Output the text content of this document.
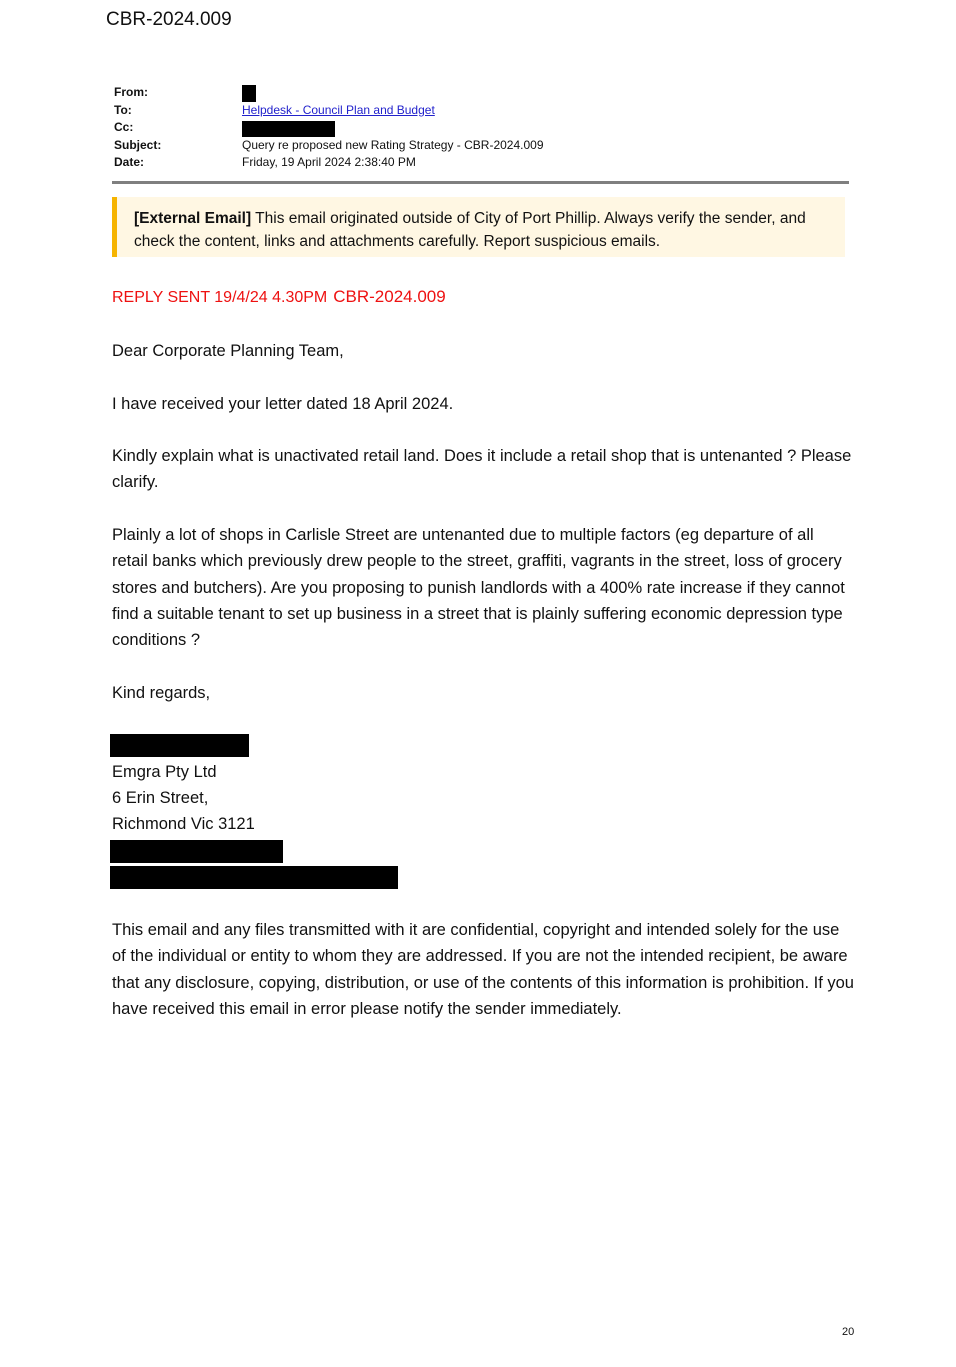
CBR-2024.009
From:
To:	Helpdesk - Council Plan and Budget
Cc:
Subject:	Query re proposed new Rating Strategy - CBR-2024.009
Date:	Friday, 19 April 2024 2:38:40 PM
[External Email] This email originated outside of City of Port Phillip. Always verify the sender, and check the content, links and attachments carefully. Report suspicious emails.
REPLY SENT 19/4/24 4.30PM CBR-2024.009
Dear Corporate Planning Team,
I have received your letter dated 18 April 2024.
Kindly explain what is unactivated retail land. Does it include a retail shop that is untenanted ? Please clarify.
Plainly a lot of shops in Carlisle Street are untenanted due to multiple factors (eg departure of all retail banks which previously drew people to the street, graffiti, vagrants in the street, loss of grocery stores and butchers). Are you proposing to punish landlords with a 400% rate increase if they cannot find a suitable tenant to set up business in a street that is plainly suffering economic depression type conditions ?
Kind regards,
Emgra Pty Ltd
6 Erin Street,
Richmond Vic 3121
This email and any files transmitted with it are confidential, copyright and intended solely for the use of the individual or entity to whom they are addressed. If you are not the intended recipient, be aware that any disclosure, copying, distribution, or use of the contents of this information is prohibition. If you have received this email in error please notify the sender immediately.
20
